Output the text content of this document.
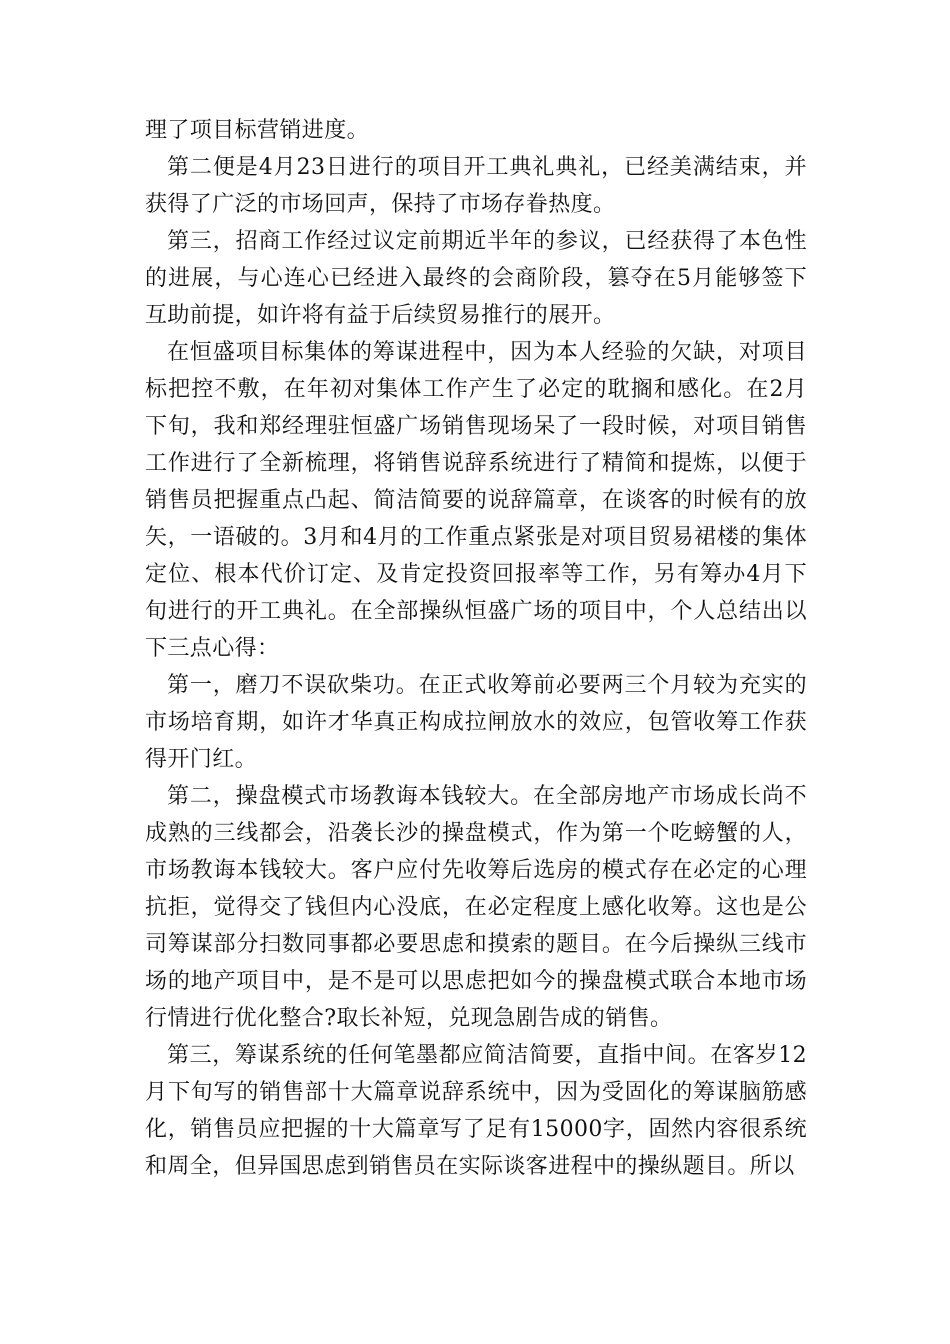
理了项目标营销进度。

第二便是4月23日进行的项目开工典礼典礼，已经美满结束，并获得了广泛的市场回声，保持了市场存眷热度。

第三，招商工作经过议定前期近半年的参议，已经获得了本色性的进展，与心连心已经进入最终的会商阶段，篡夺在5月能够签下互助前提，如许将有益于后续贸易推行的展开。

在恒盛项目标集体的筹谋进程中，因为本人经验的欠缺，对项目标把控不敷，在年初对集体工作产生了必定的耽搁和感化。在2月下旬，我和郑经理驻恒盛广场销售现场呆了一段时候，对项目销售工作进行了全新梳理，将销售说辞系统进行了精简和提炼，以便于销售员把握重点凸起、简洁简要的说辞篇章，在谈客的时候有的放矢，一语破的。3月和4月的工作重点紧张是对项目贸易裙楼的集体定位、根本代价订定、及肯定投资回报率等工作，另有筹办4月下旬进行的开工典礼。在全部操纵恒盛广场的项目中，个人总结出以下三点心得：

第一，磨刀不误砍柴功。在正式收筹前必要两三个月较为充实的市场培育期，如许才华真正构成拉闸放水的效应，包管收筹工作获得开门红。

第二，操盘模式市场教诲本钱较大。在全部房地产市场成长尚不成熟的三线都会，沿袭长沙的操盘模式，作为第一个吃螃蟹的人，市场教诲本钱较大。客户应付先收筹后选房的模式存在必定的心理抗拒，觉得交了钱但内心没底，在必定程度上感化收筹。这也是公司筹谋部分扫数同事都必要思虑和摸索的题目。在今后操纵三线市场的地产项目中，是不是可以思虑把如今的操盘模式联合本地市场行情进行优化整合?取长补短，兑现急剧告成的销售。

第三，筹谋系统的任何笔墨都应简洁简要，直指中间。在客岁12月下旬写的销售部十大篇章说辞系统中，因为受固化的筹谋脑筋感化，销售员应把握的十大篇章写了足有15000字，固然内容很系统和周全，但异国思虑到销售员在实际谈客进程中的操纵题目。所以
